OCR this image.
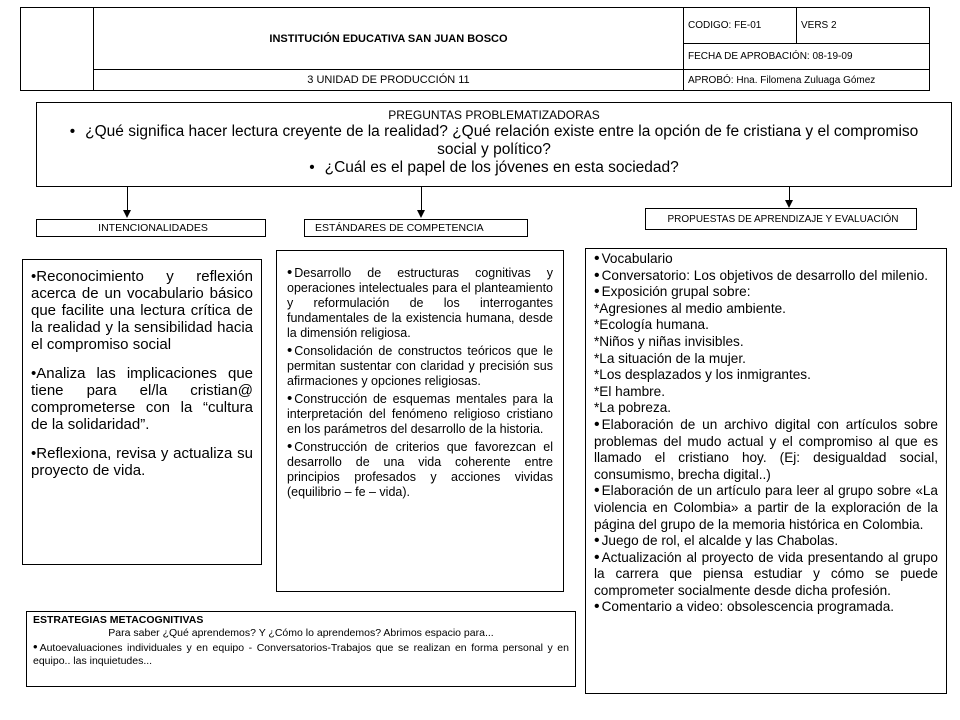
	INSTITUCIÓN EDUCATIVA SAN JUAN BOSCO	CODIGO: FE-01	VERS 2
		FECHA DE APROBACIÓN: 08-19-09	
	3 UNIDAD DE PRODUCCIÓN 11	APROBÓ: Hna. Filomena Zuluaga Gómez	
PREGUNTAS PROBLEMATIZADORAS
• ¿Qué significa hacer lectura creyente de la realidad? ¿Qué relación existe entre la opción de fe cristiana y el compromiso social y político?
• ¿Cuál es el papel de los jóvenes en esta sociedad?
INTENCIONALIDADES	ESTÁNDARES DE COMPETENCIA
PROPUESTAS DE APRENDIZAJE Y EVALUACIÓN

• Reconocimiento y reflexión acerca de un vocabulario básico que facilite una lectura crítica de la realidad y la sensibilidad hacia el compromiso social

• Analiza las implicaciones que tiene para el/la cristian@ comprometerse con la “cultura de la solidaridad”.

• Reflexiona, revisa y actualiza su proyecto de vida.

• Desarrollo de estructuras cognitivas y operaciones intelectuales para el planteamiento y reformulación de los interrogantes fundamentales de la existencia humana, desde la dimensión religiosa.

• Consolidación de constructos teóricos que le permitan sustentar con claridad y precisión sus afirmaciones y opciones religiosas.

• Construcción de esquemas mentales para la interpretación del fenómeno religioso cristiano en los parámetros del desarrollo de la historia.

• Construcción de criterios que favorezcan el desarrollo de una vida coherente entre principios profesados y acciones vividas (equilibrio – fe – vida).

• Vocabulario

• Conversatorio: Los objetivos de desarrollo del milenio.

• Exposición grupal sobre:

*Agresiones al medio ambiente.

*Ecología humana.

*Niños y niñas invisibles.

*La situación de la mujer.

*Los desplazados y los inmigrantes.

*El hambre.

*La pobreza.

• Elaboración de un archivo digital con artículos sobre problemas del mudo actual y el compromiso al que es llamado el cristiano hoy. (Ej: desigualdad social, consumismo, brecha digital..)

• Elaboración de un artículo para leer al grupo sobre «La violencia en Colombia» a partir de la exploración de la página del grupo de la memoria histórica en Colombia.

• Juego de rol, el alcalde y las Chabolas.

• Actualización al proyecto de vida presentando al grupo la carrera que piensa estudiar y cómo se puede comprometer socialmente desde dicha profesión.

• Comentario a video: obsolescencia programada.

ESTRATEGIAS METACOGNITIVAS
Para saber ¿Qué aprendemos? Y ¿Cómo lo aprendemos? Abrimos espacio para...
• Autoevaluaciones individuales y en equipo - Conversatorios-Trabajos que se realizan en forma personal y en equipo.. las inquietudes...
